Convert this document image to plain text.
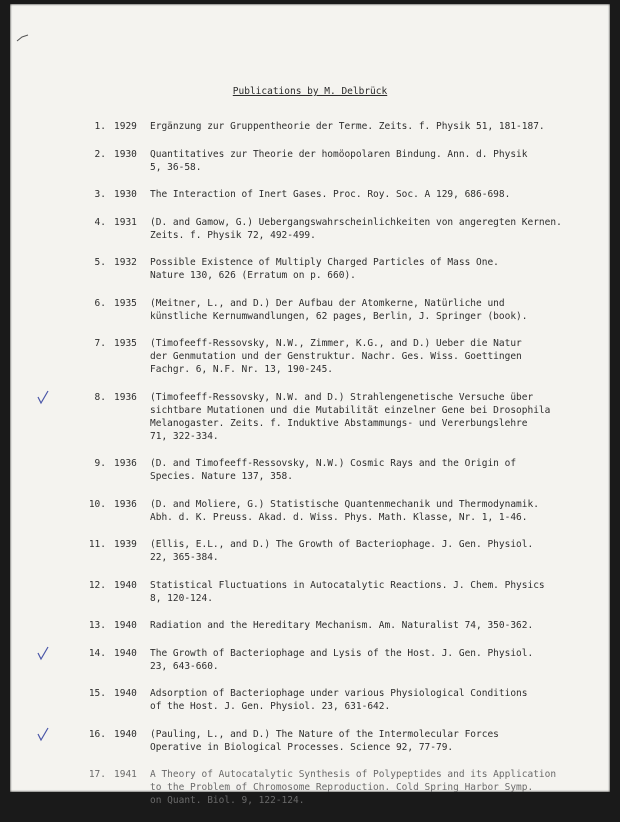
Publications by M. Delbrück
1. 1929	Ergänzung zur Gruppentheorie der Terme. Zeits. f. Physik 51, 181-187.
2. 1930	Quantitatives zur Theorie der homöopolaren Bindung. Ann. d. Physik
5, 36-58.
3. 1930	The Interaction of Inert Gases. Proc. Roy. Soc. A 129, 686-698.
4. 1931	(D. and Gamow, G.) Uebergangswahrscheinlichkeiten von angeregten Kernen.
Zeits. f. Physik 72, 492-499.
5. 1932	Possible Existence of Multiply Charged Particles of Mass One.
Nature 130, 626 (Erratum on p. 660).
6. 1935	(Meitner, L., and D.) Der Aufbau der Atomkerne, Natürliche und
künstliche Kernumwandlungen, 62 pages, Berlin, J. Springer (book).
7. 1935	(Timofeeff-Ressovsky, N.W., Zimmer, K.G., and D.) Ueber die Natur
der Genmutation und der Genstruktur. Nachr. Ges. Wiss. Goettingen
Fachgr. 6, N.F. Nr. 13, 190-245.
8. 1936	(Timofeeff-Ressovsky, N.W. and D.) Strahlengenetische Versuche über
sichtbare Mutationen und die Mutabilität einzelner Gene bei Drosophila
Melanogaster. Zeits. f. Induktive Abstammungs- und Vererbungslehre
71, 322-334.
9. 1936	(D. and Timofeeff-Ressovsky, N.W.) Cosmic Rays and the Origin of
Species. Nature 137, 358.
10. 1936	(D. and Moliere, G.) Statistische Quantenmechanik und Thermodynamik.
Abh. d. K. Preuss. Akad. d. Wiss. Phys. Math. Klasse, Nr. 1, 1-46.
11. 1939	(Ellis, E.L., and D.) The Growth of Bacteriophage. J. Gen. Physiol.
22, 365-384.
12. 1940	Statistical Fluctuations in Autocatalytic Reactions. J. Chem. Physics
8, 120-124.
13. 1940	Radiation and the Hereditary Mechanism. Am. Naturalist 74, 350-362.
14. 1940	The Growth of Bacteriophage and Lysis of the Host. J. Gen. Physiol.
23, 643-660.
15. 1940	Adsorption of Bacteriophage under various Physiological Conditions
of the Host. J. Gen. Physiol. 23, 631-642.
16. 1940	(Pauling, L., and D.) The Nature of the Intermolecular Forces
Operative in Biological Processes. Science 92, 77-79.
17. 1941	A Theory of Autocatalytic Synthesis of Polypeptides and its Application
to the Problem of Chromosome Reproduction. Cold Spring Harbor Symp.
on Quant. Biol. 9, 122-124.
